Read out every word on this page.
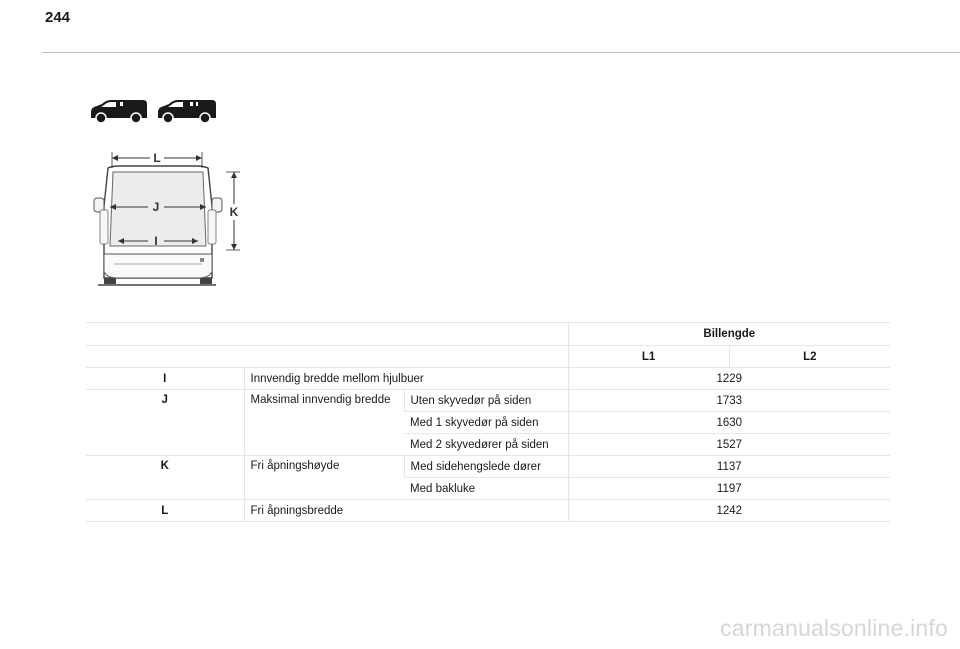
244
L
J
I
K
			Billengde	
			L1	L2
I	Innvendig bredde mellom hjulbuer		1229	
J	Maksimal innvendig bredde	Uten skyvedør på siden	1733	
		Med 1 skyvedør på siden	1630	
		Med 2 skyvedører på siden	1527	
K	Fri åpningshøyde	Med sidehengslede dører	1137	
		Med bakluke	1197	
L	Fri åpningsbredde		1242	
carmanualsonline.info
